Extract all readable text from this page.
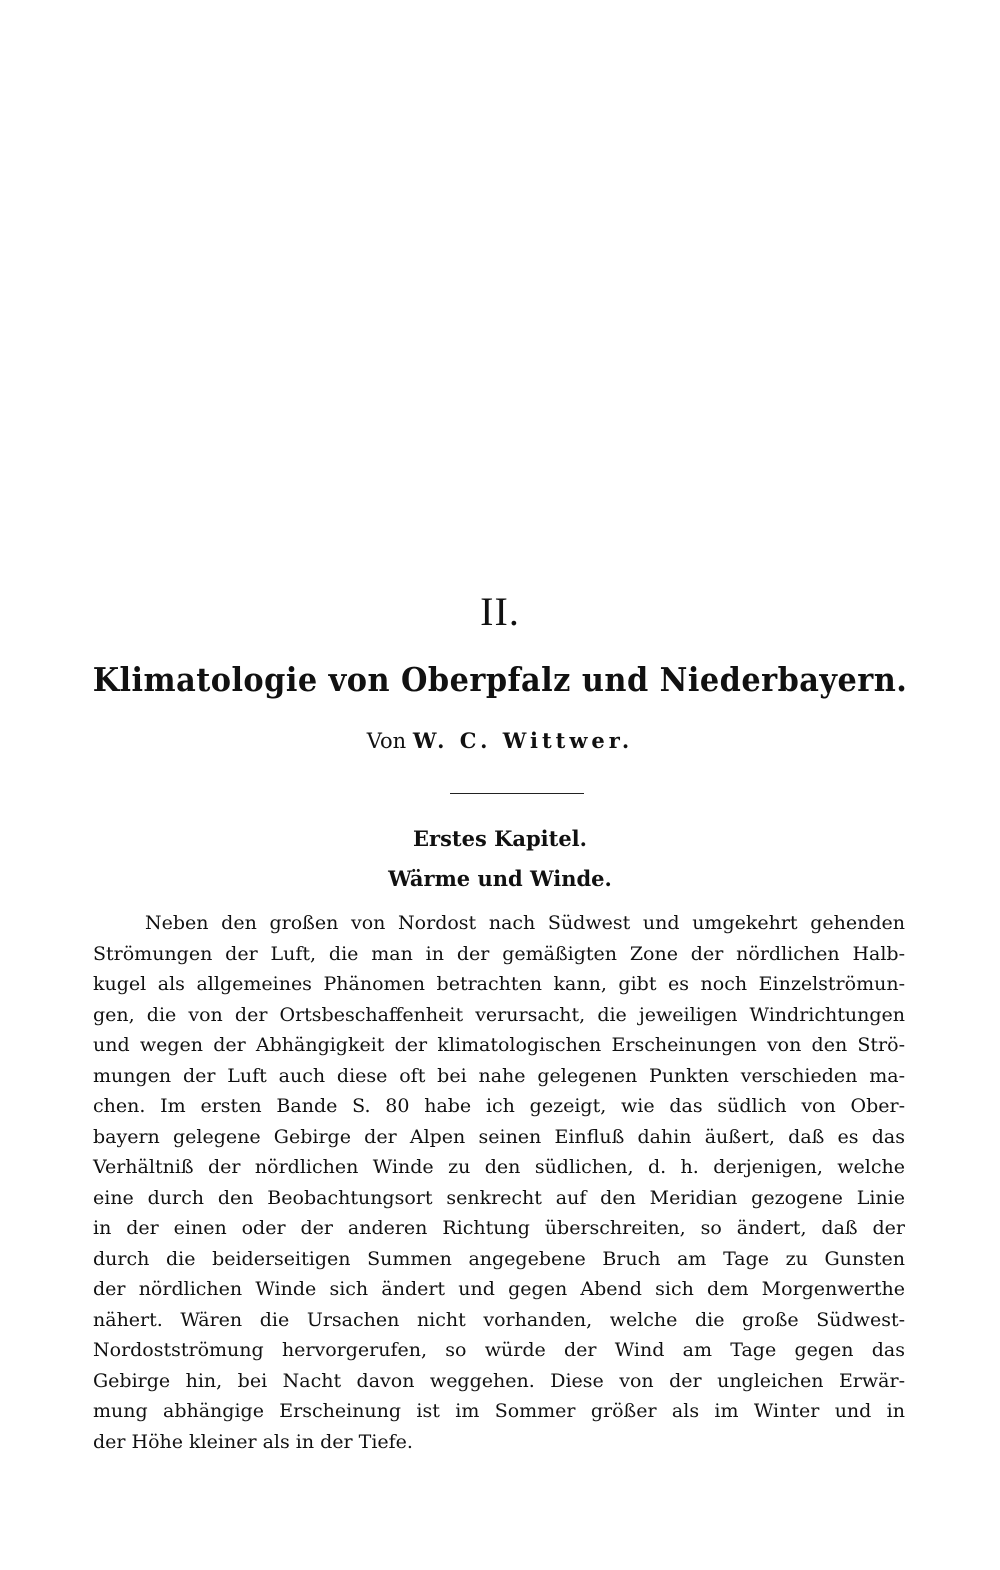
II.
Klimatologie von Oberpfalz und Niederbayern.
Von W. C. Wittwer.
Erstes Kapitel.
Wärme und Winde.
Neben den großen von Nordost nach Südwest und umgekehrt gehenden
Strömungen der Luft, die man in der gemäßigten Zone der nördlichen Halb-
kugel als allgemeines Phänomen betrachten kann, gibt es noch Einzelströmun-
gen, die von der Ortsbeschaffenheit verursacht, die jeweiligen Windrichtungen
und wegen der Abhängigkeit der klimatologischen Erscheinungen von den Strö-
mungen der Luft auch diese oft bei nahe gelegenen Punkten verschieden ma-
chen. Im ersten Bande S. 80 habe ich gezeigt, wie das südlich von Ober-
bayern gelegene Gebirge der Alpen seinen Einfluß dahin äußert, daß es das
Verhältniß der nördlichen Winde zu den südlichen, d. h. derjenigen, welche
eine durch den Beobachtungsort senkrecht auf den Meridian gezogene Linie
in der einen oder der anderen Richtung überschreiten, so ändert, daß der
durch die beiderseitigen Summen angegebene Bruch am Tage zu Gunsten
der nördlichen Winde sich ändert und gegen Abend sich dem Morgenwerthe
nähert. Wären die Ursachen nicht vorhanden, welche die große Südwest-
Nordostströmung hervorgerufen, so würde der Wind am Tage gegen das
Gebirge hin, bei Nacht davon weggehen. Diese von der ungleichen Erwär-
mung abhängige Erscheinung ist im Sommer größer als im Winter und in
der Höhe kleiner als in der Tiefe.
